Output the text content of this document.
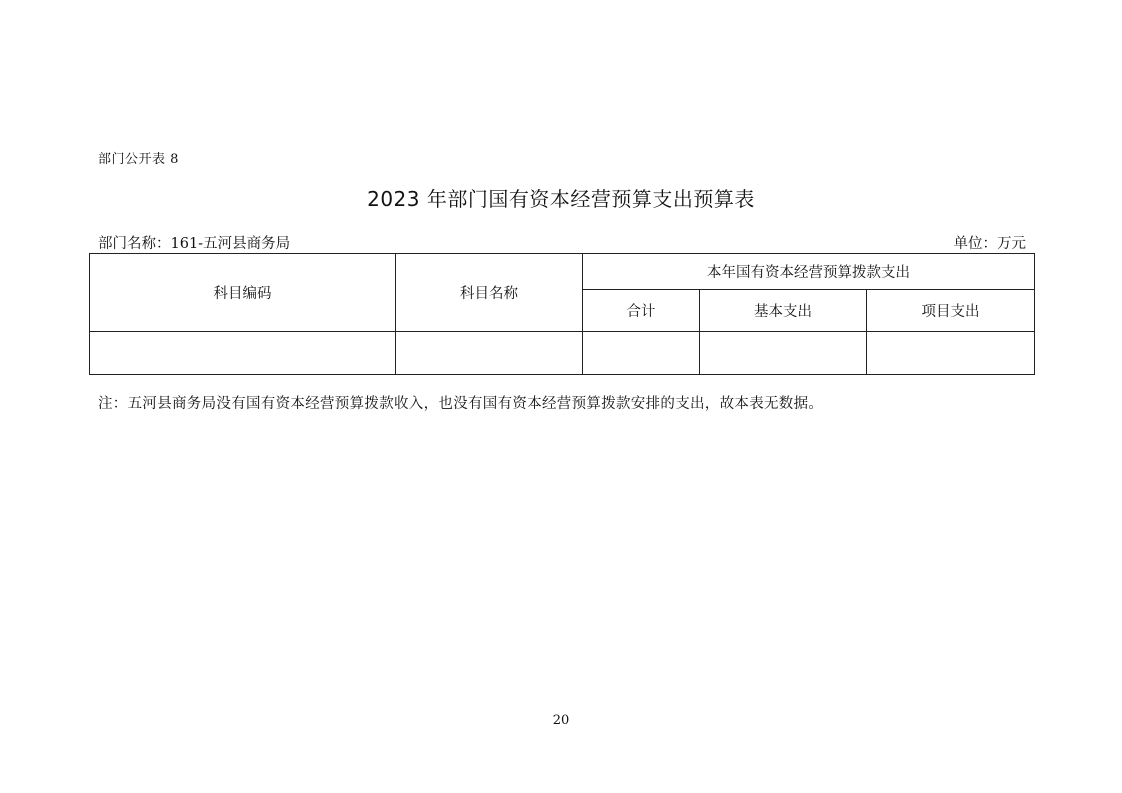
部门公开表 8
2023 年部门国有资本经营预算支出预算表
部门名称：161-五河县商务局	单位：万元
科目编码	科目名称	本年国有资本经营预算拨款支出		
		合计	基本支出	项目支出

注：五河县商务局没有国有资本经营预算拨款收入，也没有国有资本经营预算拨款安排的支出，故本表无数据。
20
